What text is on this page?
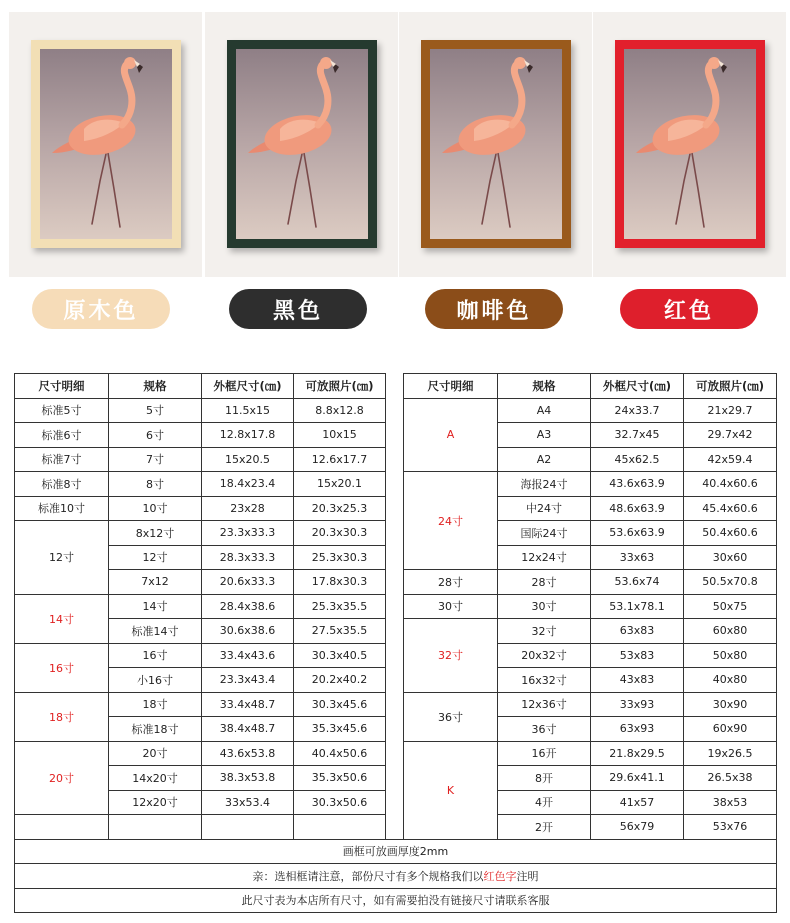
原木色	黑色	咖啡色	红色
尺寸明细	规格	外框尺寸(㎝)	可放照片(㎝)		尺寸明细	规格	外框尺寸(㎝)	可放照片(㎝)
标准5寸	5寸	11.5x15	8.8x12.8		A	A4	24x33.7	21x29.7
标准6寸	6寸	12.8x17.8	10x15			A3	32.7x45	29.7x42
标准7寸	7寸	15x20.5	12.6x17.7			A2	45x62.5	42x59.4
标准8寸	8寸	18.4x23.4	15x20.1		24寸	海报24寸	43.6x63.9	40.4x60.6
标准10寸	10寸	23x28	20.3x25.3			中24寸	48.6x63.9	45.4x60.6
12寸	8x12寸	23.3x33.3	20.3x30.3			国际24寸	53.6x63.9	50.4x60.6
	12寸	28.3x33.3	25.3x30.3			12x24寸	33x63	30x60
	7x12	20.6x33.3	17.8x30.3		28寸	28寸	53.6x74	50.5x70.8
14寸	14寸	28.4x38.6	25.3x35.5		30寸	30寸	53.1x78.1	50x75
	标准14寸	30.6x38.6	27.5x35.5		32寸	32寸	63x83	60x80
16寸	16寸	33.4x43.6	30.3x40.5			20x32寸	53x83	50x80
	小16寸	23.3x43.4	20.2x40.2			16x32寸	43x83	40x80
18寸	18寸	33.4x48.7	30.3x45.6		36寸	12x36寸	33x93	30x90
	标准18寸	38.4x48.7	35.3x45.6			36寸	63x93	60x90
20寸	20寸	43.6x53.8	40.4x50.6		K	16开	21.8x29.5	19x26.5
	14x20寸	38.3x53.8	35.3x50.6			8开	29.6x41.1	26.5x38
	12x20寸	33x53.4	30.3x50.6			4开	41x57	38x53
						2开	56x79	53x76
画框可放画厚度2mm								
亲：选相框请注意，部份尺寸有多个规格我们以红色字注明								
此尺寸表为本店所有尺寸，如有需要拍没有链接尺寸请联系客服								
